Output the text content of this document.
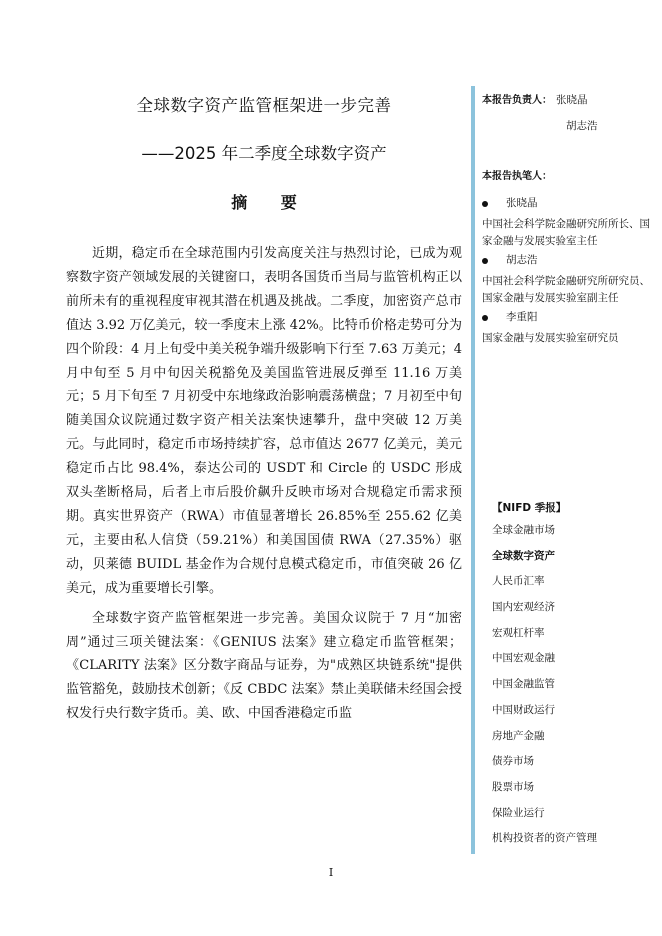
全球数字资产监管框架进一步完善
——2025 年二季度全球数字资产
摘 要

近期，稳定币在全球范围内引发高度关注与热烈讨论，已成为观察数字资产领域发展的关键窗口，表明各国货币当局与监管机构正以前所未有的重视程度审视其潜在机遇及挑战。二季度，加密资产总市值达 3.92 万亿美元，较一季度末上涨 42%。比特币价格走势可分为四个阶段：4 月上旬受中美关税争端升级影响下行至 7.63 万美元；4 月中旬至 5 月中旬因关税豁免及美国监管进展反弹至 11.16 万美元；5 月下旬至 7 月初受中东地缘政治影响震荡横盘；7 月初至中旬随美国众议院通过数字资产相关法案快速攀升，盘中突破 12 万美元。与此同时，稳定币市场持续扩容，总市值达 2677 亿美元，美元稳定币占比 98.4%，泰达公司的 USDT 和 Circle 的 USDC 形成双头垄断格局，后者上市后股价飙升反映市场对合规稳定币需求预期。真实世界资产（RWA）市值显著增长 26.85%至 255.62 亿美元，主要由私人信贷（59.21%）和美国国债 RWA（27.35%）驱动，贝莱德 BUIDL 基金作为合规付息模式稳定币，市值突破 26 亿美元，成为重要增长引擎。

全球数字资产监管框架进一步完善。美国众议院于 7 月“加密周”通过三项关键法案：《GENIUS 法案》建立稳定币监管框架；《CLARITY 法案》区分数字商品与证券，为"成熟区块链系统"提供监管豁免，鼓励技术创新；《反 CBDC 法案》禁止美联储未经国会授权发行央行数字货币。美、欧、中国香港稳定币监

本报告负责人： 张晓晶
胡志浩
本报告执笔人：
张晓晶
中国社会科学院金融研究所所长、国家金融与发展实验室主任
胡志浩
中国社会科学院金融研究所研究员、国家金融与发展实验室副主任
李重阳
国家金融与发展实验室研究员
【NIFD 季报】
全球金融市场
全球数字资产
人民币汇率
国内宏观经济
宏观杠杆率
中国宏观金融
中国金融监管
中国财政运行
房地产金融
债券市场
股票市场
保险业运行
机构投资者的资产管理
I
